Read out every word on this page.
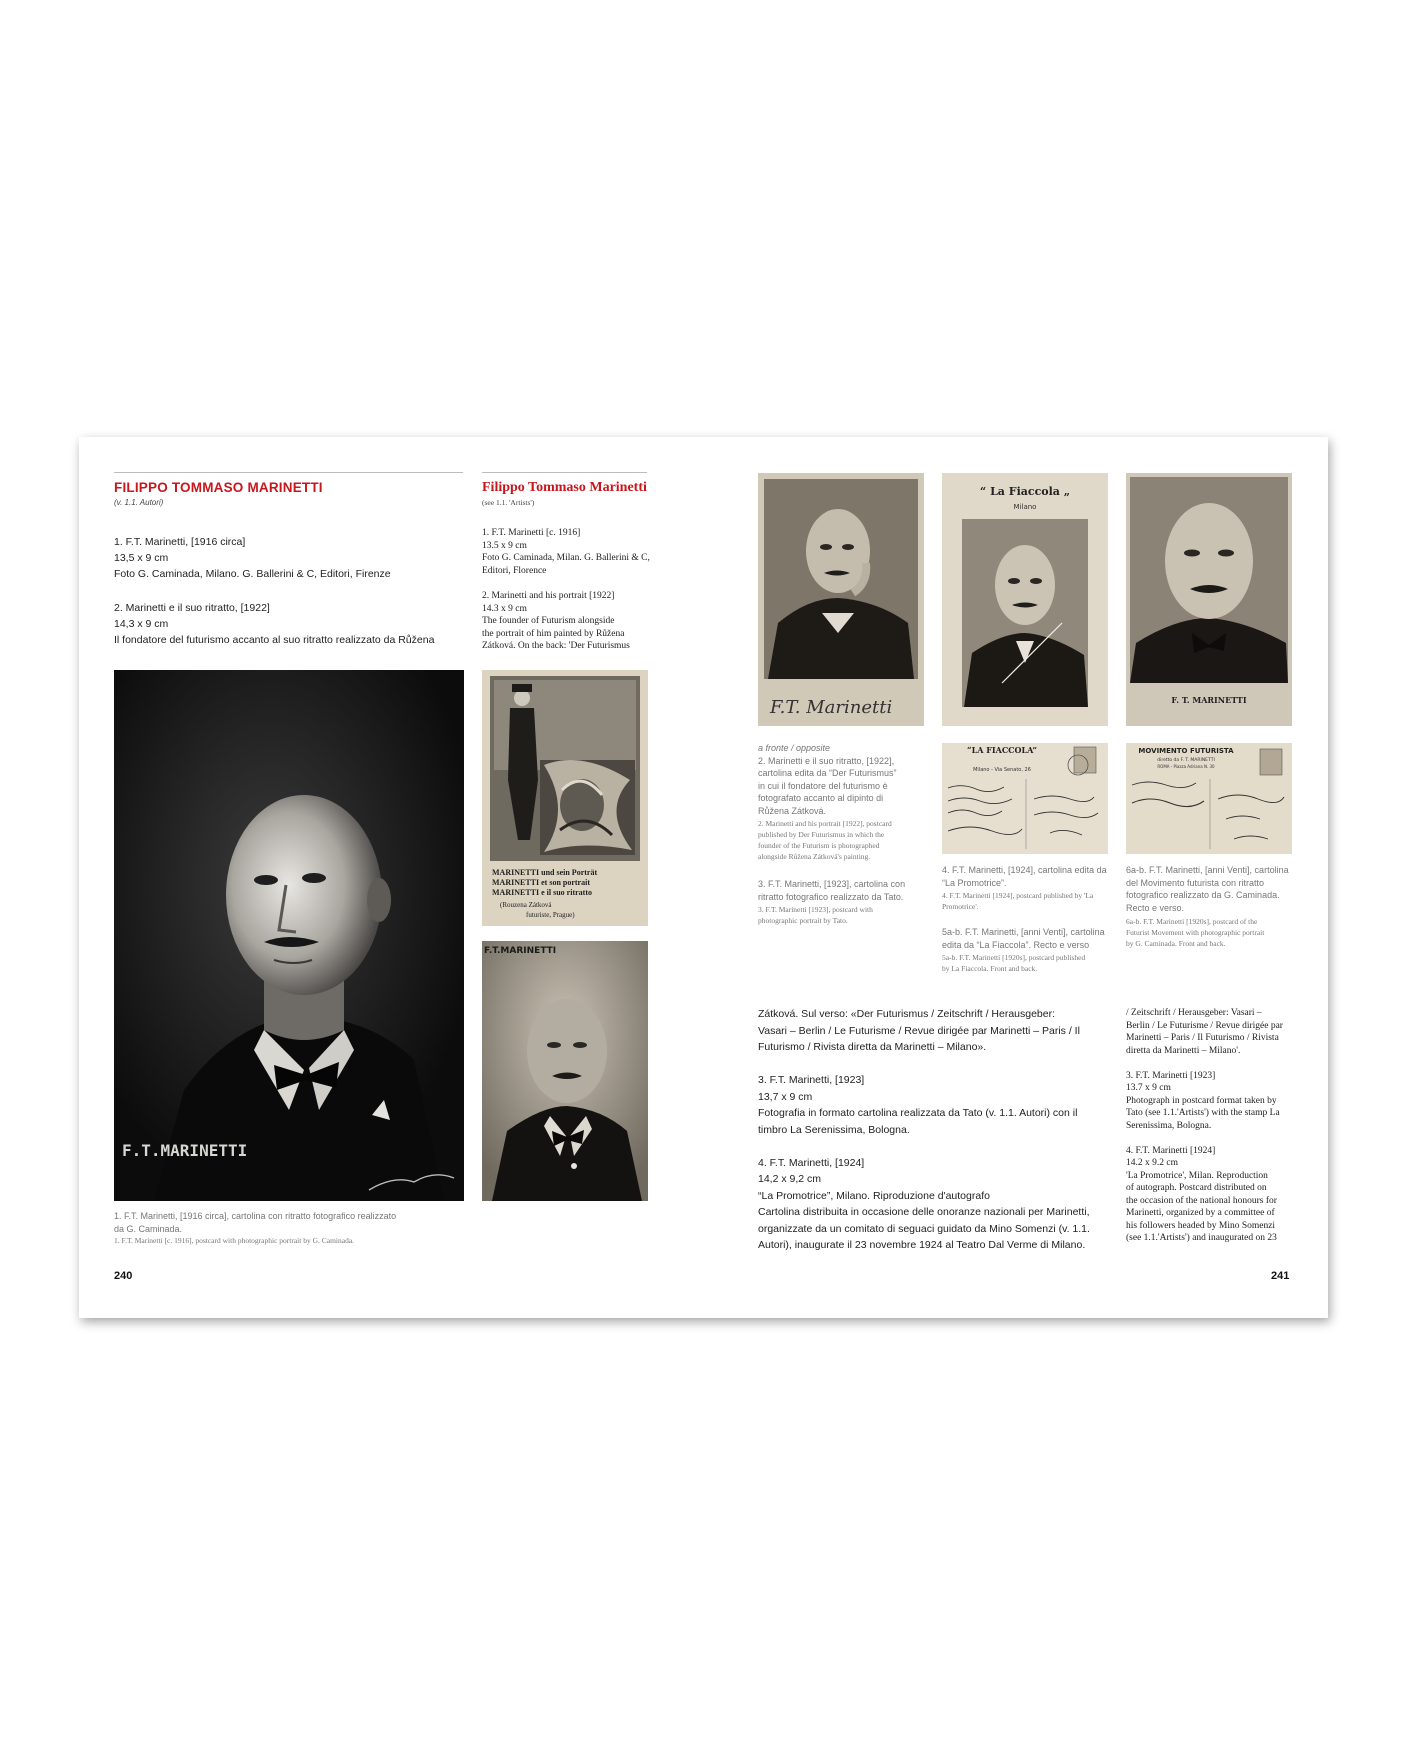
FILIPPO TOMMASO MARINETTI
(v. 1.1. Autori)
Filippo Tommaso Marinetti
(see 1.1. 'Artists')
1. F.T. Marinetti, [1916 circa]
13,5 x 9 cm
Foto G. Caminada, Milano. G. Ballerini & C, Editori, Firenze
2. Marinetti e il suo ritratto, [1922]
14,3 x 9 cm
Il fondatore del futurismo accanto al suo ritratto realizzato da Růžena
1. F.T. Marinetti [c. 1916]
13.5 x 9 cm
Foto G. Caminada, Milan. G. Ballerini & C,
Editori, Florence
2. Marinetti and his portrait [1922]
14.3 x 9 cm
The founder of Futurism alongside
the portrait of him painted by Růžena
Zátková. On the back: 'Der Futurismus
F.T.MARINETTI
MARINETTI und sein Porträt
MARINETTI et son portrait
MARINETTI e il suo ritratto
(Rouzena Zátková
futuriste, Prague)
F.T.MARINETTI
1. F.T. Marinetti, [1916 circa], cartolina con ritratto fotografico realizzato
da G. Caminada.
1. F.T. Marinetti [c. 1916], postcard with photographic portrait by G. Caminada.
240
F.T. Marinetti
“ La Fiaccola „
Milano
F. T. MARINETTI
“LA FIACCOLA”
Milano - Via Senato, 26
MOVIMENTO FUTURISTA
diretto da F. T. MARINETTI
ROMA - Piazza Adriana N. 30
a fronte / opposite
2. Marinetti e il suo ritratto, [1922],
cartolina edita da “Der Futurismus”
in cui il fondatore del futurismo è
fotografato accanto al dipinto di
Růžena Zátková.
2. Marinetti and his portrait [1922], postcard
published by Der Futurismus in which the
founder of the Futurism is photographed
alongside Růžena Zátková's painting.
3. F.T. Marinetti, [1923], cartolina con
ritratto fotografico realizzato da Tato.
3. F.T. Marinetti [1923], postcard with
photographic portrait by Tato.
4. F.T. Marinetti, [1924], cartolina edita da
“La Promotrice”.
4. F.T. Marinetti [1924], postcard published by 'La
Promotrice'.
5a-b. F.T. Marinetti, [anni Venti], cartolina
edita da “La Fiaccola”. Recto e verso
5a-b. F.T. Marinetti [1920s], postcard published
by La Fiaccola. Front and back.
6a-b. F.T. Marinetti, [anni Venti], cartolina
del Movimento futurista con ritratto
fotografico realizzato da G. Caminada.
Recto e verso.
6a-b. F.T. Marinetti [1920s], postcard of the
Futurist Movement with photographic portrait
by G. Caminada. Front and back.
Zátková. Sul verso: «Der Futurismus / Zeitschrift / Herausgeber:
Vasari – Berlin / Le Futurisme / Revue dirigée par Marinetti – Paris / Il
Futurismo / Rivista diretta da Marinetti – Milano».
3. F.T. Marinetti, [1923]
13,7 x 9 cm
Fotografia in formato cartolina realizzata da Tato (v. 1.1. Autori) con il
timbro La Serenissima, Bologna.
4. F.T. Marinetti, [1924]
14,2 x 9,2 cm
“La Promotrice”, Milano. Riproduzione d'autografo
Cartolina distribuita in occasione delle onoranze nazionali per Marinetti,
organizzate da un comitato di seguaci guidato da Mino Somenzi (v. 1.1.
Autori), inaugurate il 23 novembre 1924 al Teatro Dal Verme di Milano.
/ Zeitschrift / Herausgeber: Vasari –
Berlin / Le Futurisme / Revue dirigée par
Marinetti – Paris / Il Futurismo / Rivista
diretta da Marinetti – Milano'.
3. F.T. Marinetti [1923]
13.7 x 9 cm
Photograph in postcard format taken by
Tato (see 1.1.'Artists') with the stamp La
Serenissima, Bologna.
4. F.T. Marinetti [1924]
14.2 x 9.2 cm
'La Promotrice', Milan. Reproduction
of autograph. Postcard distributed on
the occasion of the national honours for
Marinetti, organized by a committee of
his followers headed by Mino Somenzi
(see 1.1.'Artists') and inaugurated on 23
241
